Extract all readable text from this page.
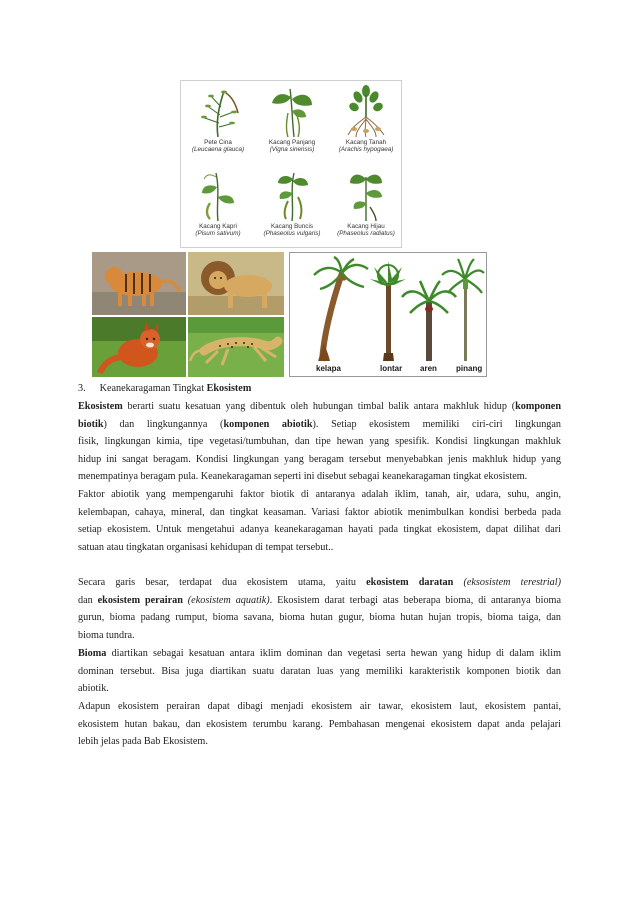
Pete Cina
(Leucaena glauca)
Kacang Panjang
(Vigna sinensis)
Kacang Tanah
(Arachis hypogaea)
Kacang Kapri
(Pisum sativum)
Kacang Buncis
(Phaseolus vulgaris)
Kacang Hijau
(Phaseolus radiatus)
kelapa	lontar aren pinang
3. Keanekaragaman Tingkat Ekosistem
Ekosistem berarti suatu kesatuan yang dibentuk oleh hubungan timbal balik antara makhluk hidup (komponen
biotik) dan lingkungannya (komponen abiotik). Setiap ekosistem memiliki ciri-ciri lingkungan
fisik, lingkungan kimia, tipe vegetasi/tumbuhan, dan tipe hewan yang spesifik. Kondisi lingkungan makhluk
hidup ini sangat beragam. Kondisi lingkungan yang beragam tersebut menyebabkan jenis makhluk hidup yang
menempatinya beragam pula. Keanekaragaman seperti ini disebut sebagai keanekaragaman tingkat ekosistem.
Faktor abiotik yang mempengaruhi faktor biotik di antaranya adalah iklim, tanah, air, udara, suhu, angin,
kelembapan, cahaya, mineral, dan tingkat keasaman. Variasi faktor abiotik menimbulkan kondisi berbeda pada
setiap ekosistem. Untuk mengetahui adanya keanekaragaman hayati pada tingkat ekosistem, dapat dilihat dari
satuan atau tingkatan organisasi kehidupan di tempat tersebut..
Secara garis besar, terdapat dua ekosistem utama, yaitu ekosistem daratan (eksosistem terestrial)
dan ekosistem perairan (ekosistem aquatik). Ekosistem darat terbagi atas beberapa bioma, di antaranya bioma
gurun, bioma padang rumput, bioma savana, bioma hutan gugur, bioma hutan hujan tropis, bioma taiga, dan
bioma tundra.
Bioma diartikan sebagai kesatuan antara iklim dominan dan vegetasi serta hewan yang hidup di dalam iklim
dominan tersebut. Bisa juga diartikan suatu daratan luas yang memiliki karakteristik komponen biotik dan
abiotik.
Adapun ekosistem perairan dapat dibagi menjadi ekosistem air tawar, ekosistem laut, ekosistem pantai,
ekosistem hutan bakau, dan ekosistem terumbu karang. Pembahasan mengenai ekosistem dapat anda pelajari
lebih jelas pada Bab Ekosistem.
